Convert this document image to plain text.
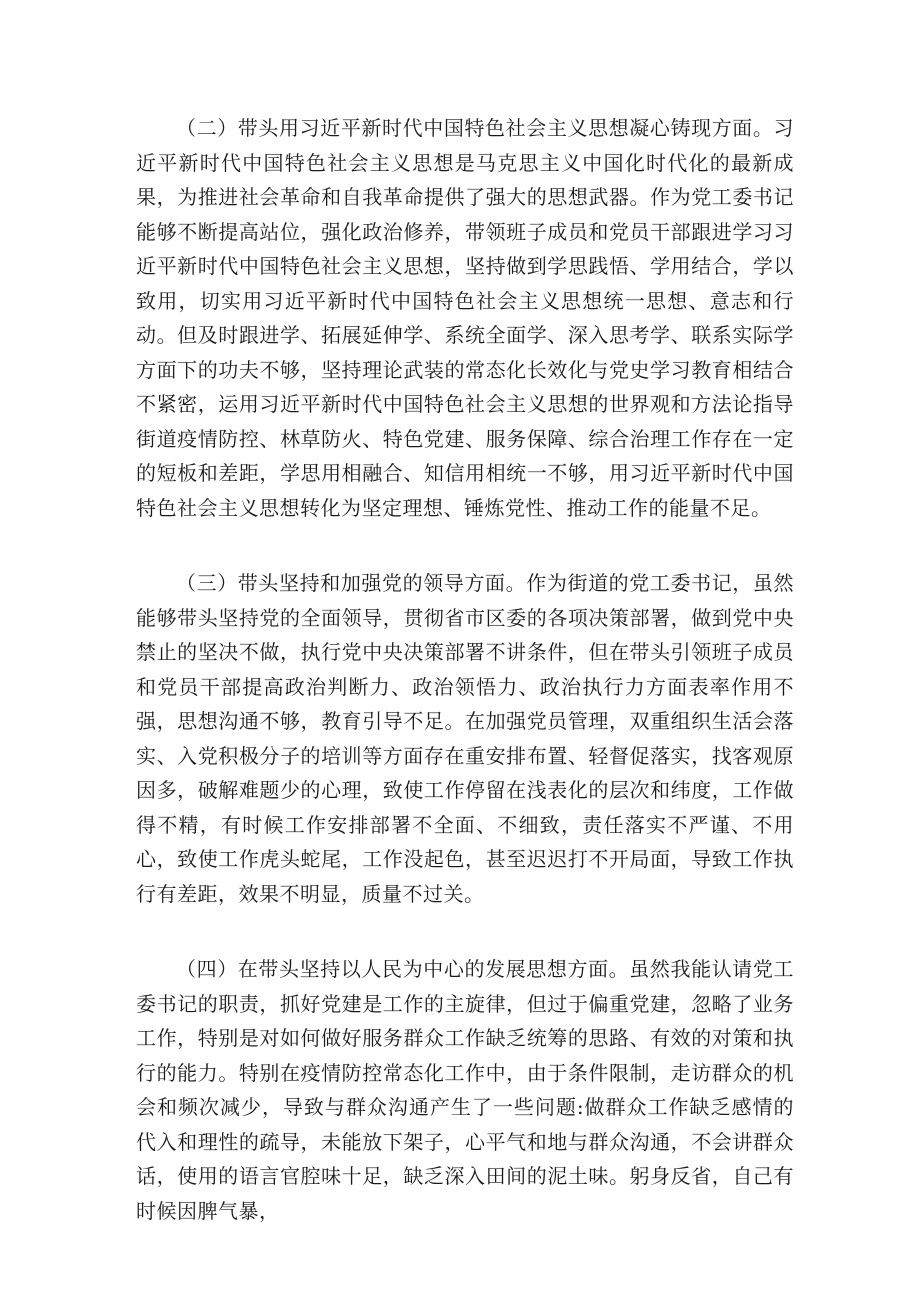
（二）带头用习近平新时代中国特色社会主义思想凝心铸现方面。习近平新时代中国特色社会主义思想是马克思主义中国化时代化的最新成果，为推进社会革命和自我革命提供了强大的思想武器。作为党工委书记能够不断提高站位，强化政治修养，带领班子成员和党员干部跟进学习习近平新时代中国特色社会主义思想，坚持做到学思践悟、学用结合，学以致用，切实用习近平新时代中国特色社会主义思想统一思想、意志和行动。但及时跟进学、拓展延伸学、系统全面学、深入思考学、联系实际学方面下的功夫不够，坚持理论武装的常态化长效化与党史学习教育相结合不紧密，运用习近平新时代中国特色社会主义思想的世界观和方法论指导街道疫情防控、林草防火、特色党建、服务保障、综合治理工作存在一定的短板和差距，学思用相融合、知信用相统一不够，用习近平新时代中国特色社会主义思想转化为坚定理想、锤炼党性、推动工作的能量不足。

（三）带头坚持和加强党的领导方面。作为街道的党工委书记，虽然能够带头坚持党的全面领导，贯彻省市区委的各项决策部署，做到党中央禁止的坚决不做，执行党中央决策部署不讲条件，但在带头引领班子成员和党员干部提高政治判断力、政治领悟力、政治执行力方面表率作用不强，思想沟通不够，教育引导不足。在加强党员管理，双重组织生活会落实、入党积极分子的培训等方面存在重安排布置、轻督促落实，找客观原因多，破解难题少的心理，致使工作停留在浅表化的层次和纬度，工作做得不精，有时候工作安排部署不全面、不细致，责任落实不严谨、不用心，致使工作虎头蛇尾，工作没起色，甚至迟迟打不开局面，导致工作执行有差距，效果不明显，质量不过关。

（四）在带头坚持以人民为中心的发展思想方面。虽然我能认请党工委书记的职责，抓好党建是工作的主旋律，但过于偏重党建，忽略了业务工作，特别是对如何做好服务群众工作缺乏统筹的思路、有效的对策和执行的能力。特别在疫情防控常态化工作中，由于条件限制，走访群众的机会和频次减少，导致与群众沟通产生了一些问题:做群众工作缺乏感情的代入和理性的疏导，未能放下架子，心平气和地与群众沟通，不会讲群众话，使用的语言官腔味十足，缺乏深入田间的泥土味。躬身反省，自己有时候因脾气暴，
